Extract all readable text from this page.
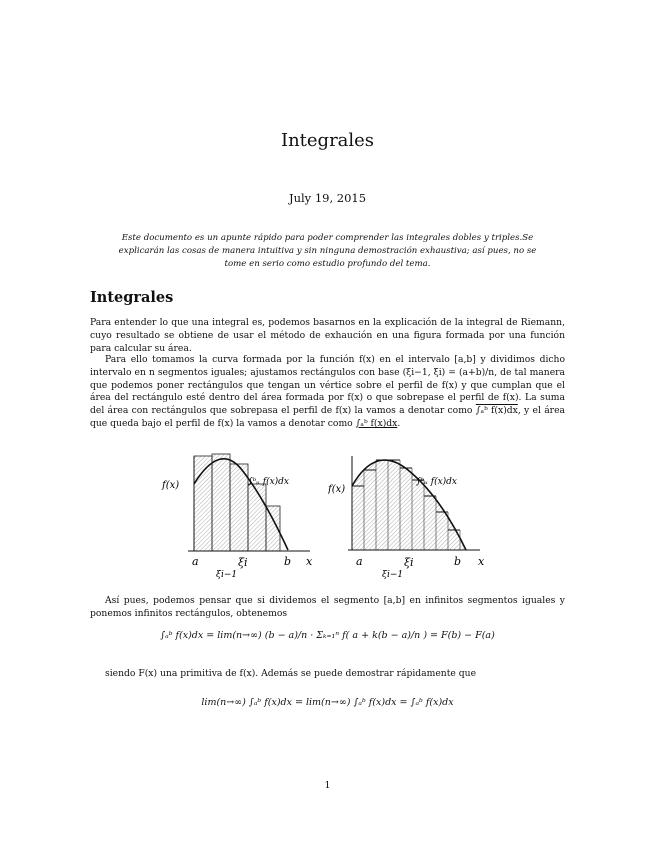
Integrales
July 19, 2015
Este documento es un apunte rápido para poder comprender las integrales dobles y triples.Se explicarán las cosas de manera intuitiva y sin ninguna demostración exhaustiva; así pues, no se tome en serio como estudio profundo del tema.
Integrales
Para entender lo que una integral es, podemos basarnos en la explicación de la integral de Riemann, cuyo resultado se obtiene de usar el método de exhaución en una figura formada por una función para calcular su área.
Para ello tomamos la curva formada por la función f(x) en el intervalo [a,b] y dividimos dicho intervalo en n segmentos iguales; ajustamos rectángulos con base (ξi−1, ξi) = (a+b)/n, de tal manera que podemos poner rectángulos que tengan un vértice sobre el perfil de f(x) y que cumplan que el área del rectángulo esté dentro del área formada por f(x) o que sobrepase el perfil de f(x). La suma del área con rectángulos que sobrepasa el perfil de f(x) la vamos a denotar como ∫ₐᵇ f(x)dx, y el área que queda bajo el perfil de f(x) la vamos a denotar como ∫ₐᵇ f(x)dx.
f(x)
a	b x
ξi
ξi−1
∫ᵇᵤ f(x)dx
f(x)
a	b x
ξi
ξi−1
∫ᵇᵤ f(x)dx
Así pues, podemos pensar que si dividemos el segmento [a,b] en infinitos segmentos iguales y ponemos infinitos rectángulos, obtenemos
∫ₐᵇ f(x)dx = lim(n→∞) (b − a)/n · Σₖ₌₁ⁿ f( a + k(b − a)/n ) = F(b) − F(a)
siendo F(x) una primitiva de f(x). Además se puede demostrar rápidamente que
lim(n→∞) ∫ₐᵇ f(x)dx = lim(n→∞) ∫ₐᵇ f(x)dx = ∫ₐᵇ f(x)dx
1
